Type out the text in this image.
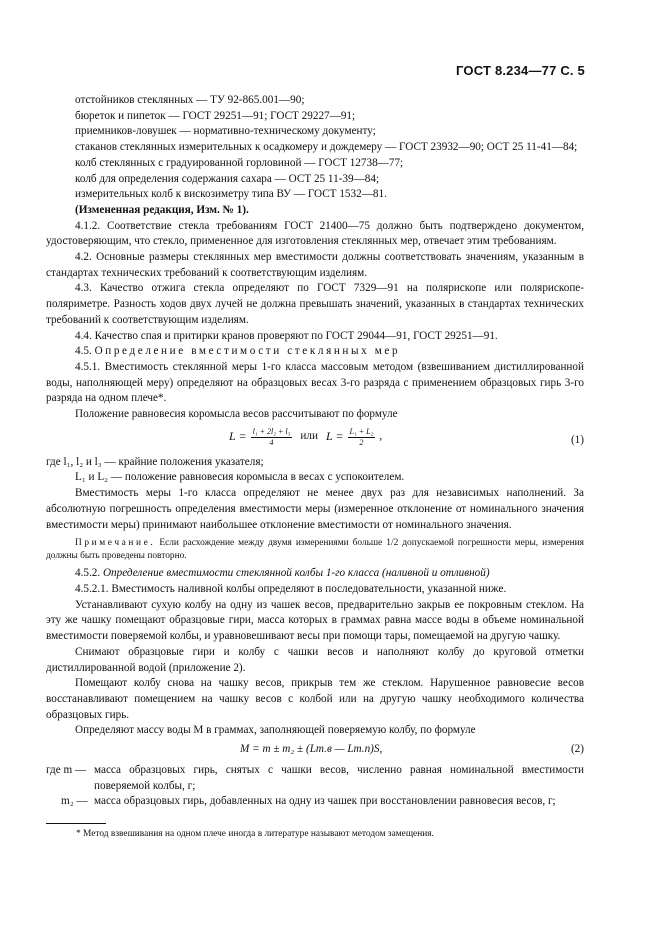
ГОСТ 8.234—77 С. 5

отстойников стеклянных — ТУ 92-865.001—90;

бюреток и пипеток — ГОСТ 29251—91; ГОСТ 29227—91;

приемников-ловушек — нормативно-техническому документу;

стаканов стеклянных измерительных к осадкомеру и дождемеру — ГОСТ 23932—90; ОСТ 25 11-41—84;

колб стеклянных с градуированной горловиной — ГОСТ 12738—77;

колб для определения содержания сахара — ОСТ 25 11-39—84;

измерительных колб к вискозиметру типа ВУ — ГОСТ 1532—81.

(Измененная редакция, Изм. № 1).

4.1.2. Соответствие стекла требованиям ГОСТ 21400—75 должно быть подтверждено документом, удостоверяющим, что стекло, примененное для изготовления стеклянных мер, отвечает этим требованиям.

4.2. Основные размеры стеклянных мер вместимости должны соответствовать значениям, указанным в стандартах технических требований к соответствующим изделиям.

4.3. Качество отжига стекла определяют по ГОСТ 7329—91 на полярископе или полярископе-поляриметре. Разность ходов двух лучей не должна превышать значений, указанных в стандартах технических требований к соответствующим изделиям.

4.4. Качество спая и притирки кранов проверяют по ГОСТ 29044—91, ГОСТ 29251—91.

4.5. Определение вместимости стеклянных мер

4.5.1. Вместимость стеклянной меры 1-го класса массовым методом (взвешиванием дистиллированной воды, наполняющей меру) определяют на образцовых весах 3-го разряда с применением образцовых гирь 3-го разряда на одном плече*.

Положение равновесия коромысла весов рассчитывают по формуле

$L = \frac{\text{l₁ + 2l₂ + l₃}}{4}$ или $L = \frac{\text{L₁ + L₂}}{2}$ ,	(1)

где l₁, l₂ и l₃ — крайние положения указателя;

L₁ и L₂ — положение равновесия коромысла в весах с успокоителем.

Вместимость меры 1-го класса определяют не менее двух раз для независимых наполнений. За абсолютную погрешность определения вместимости меры (измеренное отклонение от номинального значения вместимости меры) принимают наибольшее отклонение вместимости от номинального значения.

Примечание. Если расхождение между двумя измерениями больше 1/2 допускаемой погрешности меры, измерения должны быть проведены повторно.

4.5.2. Определение вместимости стеклянной колбы 1-го класса (наливной и отливной)

4.5.2.1. Вместимость наливной колбы определяют в последовательности, указанной ниже.

Устанавливают сухую колбу на одну из чашек весов, предварительно закрыв ее покровным стеклом. На эту же чашку помещают образцовые гири, масса которых в граммах равна массе воды в объеме номинальной вместимости поверяемой колбы, и уравновешивают весы при помощи тары, помещаемой на другую чашку.

Снимают образцовые гири и колбу с чашки весов и наполняют колбу до круговой отметки дистиллированной водой (приложение 2).

Помещают колбу снова на чашку весов, прикрыв тем же стеклом. Нарушенное равновесие весов восстанавливают помещением на чашку весов с колбой или на другую чашку необходимого количества образцовых гирь.

Определяют массу воды M в граммах, заполняющей поверяемую колбу, по формуле

M = m ± m₂ ± (Lт.в — Lт.п)S,	(2)
где m — масса образцовых гирь, снятых с чашки весов, численно равная номинальной вместимости поверяемой колбы, г;
m₂ — масса образцовых гирь, добавленных на одну из чашек при восстановлении равновесия весов, г;
* Метод взвешивания на одном плече иногда в литературе называют методом замещения.
